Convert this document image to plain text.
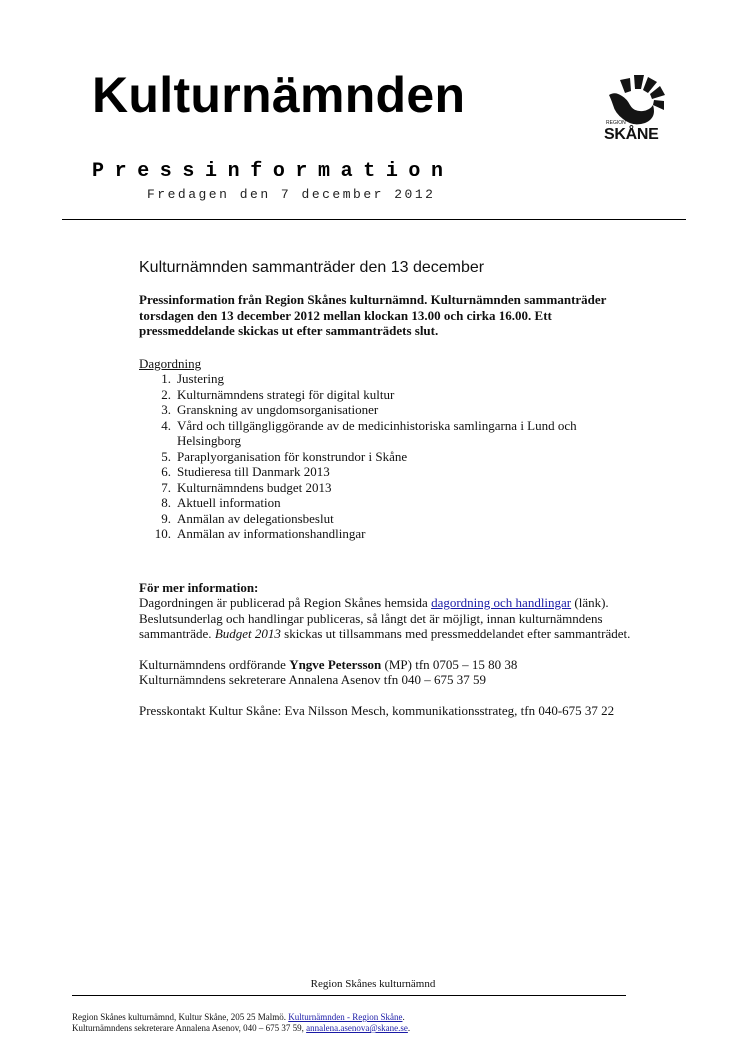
Kulturnämnden	REGION
SKÅNE
Pressinformation
Fredagen den 7 december 2012
Kulturnämnden sammanträder den 13 december

Pressinformation från Region Skånes kulturnämnd. Kulturnämnden sammanträder torsdagen den 13 december 2012 mellan klockan 13.00 och cirka 16.00. Ett pressmeddelande skickas ut efter sammanträdets slut.

Dagordning
1. Justering
2. Kulturnämndens strategi för digital kultur
3. Granskning av ungdomsorganisationer
4. Vård och tillgängliggörande av de medicinhistoriska samlingarna i Lund och Helsingborg
5. Paraplyorganisation för konstrundor i Skåne
6. Studieresa till Danmark 2013
7. Kulturnämndens budget 2013
8. Aktuell information
9. Anmälan av delegationsbeslut
10. Anmälan av informationshandlingar
För mer information:

Dagordningen är publicerad på Region Skånes hemsida dagordning och handlingar (länk). Beslutsunderlag och handlingar publiceras, så långt det är möjligt, innan kulturnämndens sammanträde. Budget 2013 skickas ut tillsammans med pressmeddelandet efter sammanträdet.

Kulturnämndens ordförande Yngve Petersson (MP) tfn 0705 – 15 80 38

Kulturnämndens sekreterare Annalena Asenov tfn 040 – 675 37 59

Presskontakt Kultur Skåne: Eva Nilsson Mesch, kommunikationsstrateg, tfn 040-675 37 22

Region Skånes kulturnämnd
Region Skånes kulturnämnd, Kultur Skåne, 205 25 Malmö. Kulturnämnden - Region Skåne.
Kulturnämndens sekreterare Annalena Asenov, 040 – 675 37 59, annalena.asenova@skane.se.
